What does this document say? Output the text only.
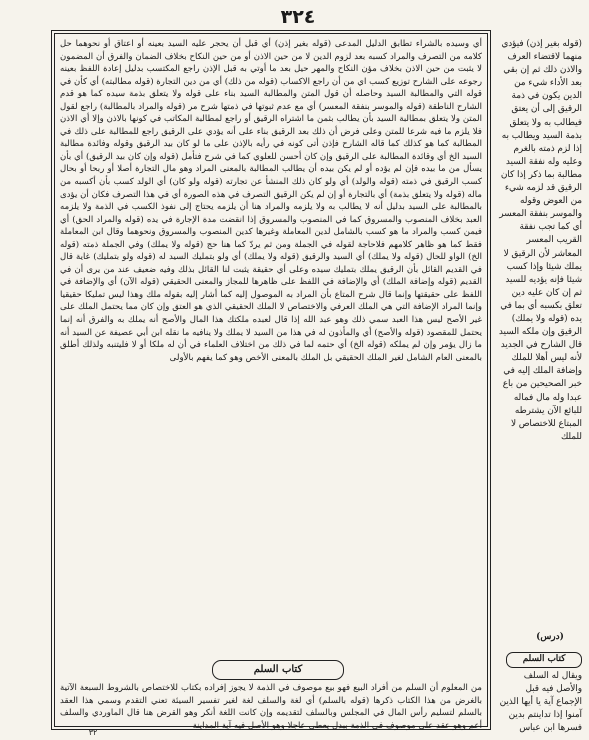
٣٢٤
أي وسيده بالشراء تطابق الدليل المدعى (قوله بغير إذن) أي قبل أن يحجر عليه السيد بعينه أو اعتاق أو نحوهما حل كلامه من التصرف والمراد كسبه بعد لزوم الدين لا من حين الاذن أو من حين النكاح بخلاف الضمان والفرق أن المضمون لا يثبت من حين الاذن بخلاف مؤن النكاح والمهر حيل بعد ما أوتي به قبل الإذن راجع المكتسب بدليل إعادة اللفظ بعينه رجوعه على الشارح توزيع كسب اي من أن راجع الاكساب (قوله من ذلك) أي من دين التجارة (قوله مطالبته) أي كأن في قوله التي والمطالبة السيد وحاصله أن قول المتن والمطالبة السيد بناء على قوله ولا يتعلق بذمة سيده كما هو قدم الشارح الناطقة (قوله والموسر بنفقة المعسر) أي مع عدم ثبوتها في ذمتها شرح مر (قوله والمراد بالمطالبة) راجع لقول المتن ولا يتعلق بمطالبة السيد بأن يطالب بثمن ما اشتراه الرقيق أو راجع لمطالبة المكاتب في كونها بالاذن وإلا أي الاذن فلا يلزم ما فيه شرعا للمتن وعلى فرض أن ذلك بعد الرقيق بناء على أنه يؤدي على الرقيق راجع للمطالبة على ذلك في المطالبة كما هو كذلك كما قاله الشارح فإذن أتى كونه في رأيه بالإذن على ما لو كان بيد الرقيق وقوله وفائدة مطالبة السيد الخ أي وقائدة المطالبة على الرقيق وإن كان أحسن للعلوي كما في شرح فتأمل (قوله وإن كان بيد الرقيق) أي بأن يسأل من ما بيده فإن لم يؤده أو لم يكن بيده أن يطالب المطالبة بالمعنى المراد وهو مال التجارة أصلا أو ربحا أو بحال كسب الرقيق في ذمته (قوله والولد) أي ولو كان ذلك المنشأ عن تجارته (قوله ولو كان) أي الولد كسب بأن أكسبه من ماله (قوله ولا يتعلق بذمة) أي بالتجارة أو إن لم يكن الرقيق التصرف في هذه الصورة أي في هذا التصرف فكان أن يؤدى بالمطالبة على السيد بدليل أنه لا يطالب به ولا يلزمه والمراد هنا أن يلزمه يحتاج إلى نفوذ الكسب في الذمة ولا يلزمه العبد بخلاف المنصوب والمسروق كما في المنصوب والمسروق إذا انقضت مدة الإجارة في يده (قوله والمراد الحق) أي فيمن كسب والمراد ما هو كسب بالشامل لدين المعاملة وغيرها كدين المنصوب والمسروق ونحوهما وقال ابن المعاملة فقط كما هو ظاهر كلامهم فلاحاجة لقوله في الجملة ومن ثم يردّ كما هنا حج (قوله ولا يملك) وفي الجملة ذمته (قوله الخ) الواو للحال (قوله ولا يملك) أي السيد والرقيق (قوله ولا يملك) أي ولو بتمليك السيد له (قوله ولو بتمليك) غاية قال في القديم القائل بأن الرقيق يملك بتمليك سيده وعلى أي حقيقة يثبت لنا القائل بذلك وفيه ضعيف عند من يرى أن في القديم (قوله وإضافة الملك) أي والإضافة في اللفظ على ظاهرها للمجاز والمعنى الحقيقي (قوله الآن) أي والإضافة في اللفظ على حقيقتها وإنما قال شرح المتاع بأن المراد به الموصول إليه كما أشار إليه بقوله ملك وهذا ليس تمليكا حقيقيا وإنما المراد الإضافة التي هي الملك العرفي والاختصاص لا الملك الحقيقي الذي هو العتق وإن كان مما يحتمل الملك على غير الأصح ليس هذا العبد سمي ذلك وهو عبد الله إذا قال لعبده ملكتك هذا المال والأصح أنه يملك به والفرق أنه إنما يحتمل للمقصود (قوله والأصح) أي والمأذون له في هذا من السيد لا يملك ولا ينافيه ما نقله ابن أبي عصيفة عن السيد أنه ما زال يؤمر وإن لم يملكه (قوله الخ) أي حتمه لما في ذلك من اختلاف العلماء في أن له ملكا أو لا فليتنبه ولذلك أطلق بالمعنى العام الشامل لغير الملك الحقيقي بل الملك بالمعنى الأخص وهو كما يفهم بالأولى
كتاب السلم
من المعلوم أن السلم من أفراد البيع فهو بيع موصوف في الذمة لا يجوز إفراده بكتاب للاختصاص بالشروط السبعة الآتية بالغرض من هذا الكتاب ذكرها (قوله بالسلم) أي لغة والسلف لغة لغير تفسير السيئة تعني التقدم وسمي هذا العقد بالسلم لتسليم رأس المال في المجلس وبالسلف لتقديمه وإن كانت اللغة أنكر وهو القرض هنا قال الماوردي والسلف أعم وهو عقد على موصوف في الذمة ببدل يعطى عاجلا وهو الأصل فيه آية المداينة
(قوله بغير إذن) فيؤدي منهما لاقتضاء العرف والاذن ذلك ثم إن بقي بعد الأداء شيء من الدين يكون في ذمة الرقيق إلى أن يعتق فيطالب به ولا يتعلق بذمة السيد ويطالب به إذا لزم ذمته بالغرم وعليه وله نفقة السيد مطالبة بما ذكر إذا كان الرقيق قد لزمه شيء من العوض وقوله والموسر بنفقة المعسر أي كما تجب نفقة القريب المعسر المعاشر لأن الرقيق لا يملك شيئا وإذا كسب شيئا فإنه يؤديه للسيد ثم إن كان عليه دين تعلق بكسبه أي بما في يده (قوله ولا يملك) الرقيق وإن ملكه السيد قال الشارح في الجديد لأنه ليس أهلا للملك وإضافة الملك إليه في خبر الصحيحين من باع عبدا وله مال فماله للبائع الآن يشترطه المبتاع للاختصاص لا للملك
(درس)
كتاب السلم
ويقال له السلف والأصل فيه قبل الإجماع آية يا أيها الذين آمنوا إذا تداينتم بدين فسرها ابن عباس
٣٢
